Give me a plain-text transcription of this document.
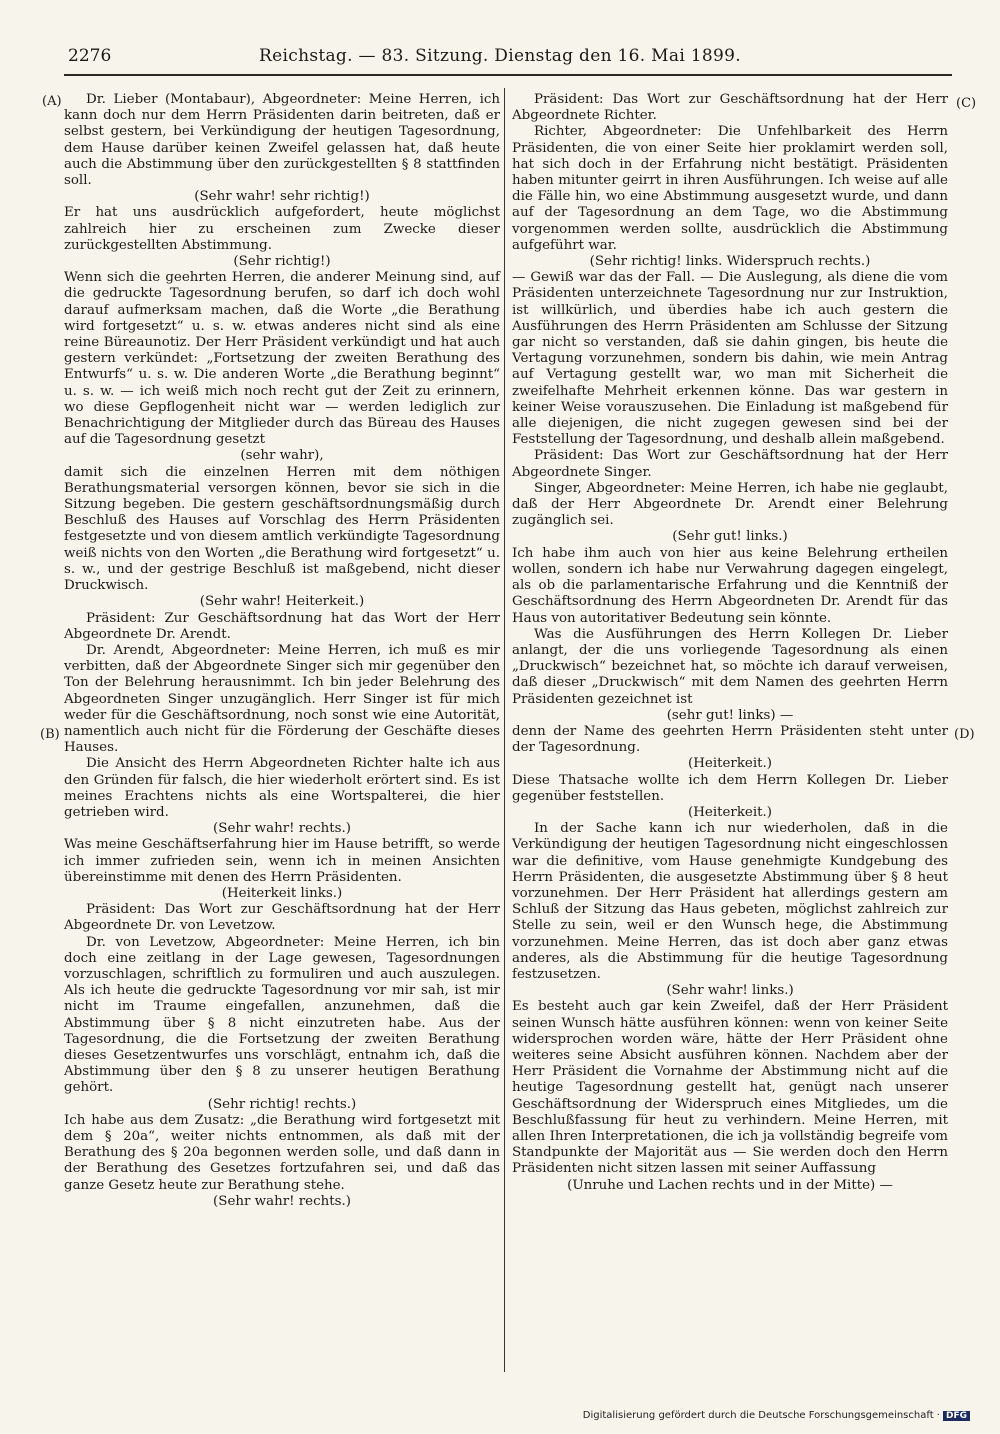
2276	Reichstag. — 83. Sitzung. Dienstag den 16. Mai 1899.
(A)
(B)
(C)
(D)

Dr. Lieber (Montabaur), Abgeordneter: Meine Herren, ich kann doch nur dem Herrn Präsidenten darin beitreten, daß er selbst gestern, bei Verkündigung der heutigen Tagesordnung, dem Hause darüber keinen Zweifel gelassen hat, daß heute auch die Abstimmung über den zurückgestellten § 8 stattfinden soll.

(Sehr wahr! sehr richtig!)

Er hat uns ausdrücklich aufgefordert, heute möglichst zahlreich hier zu erscheinen zum Zwecke dieser zurückgestellten Abstimmung.

(Sehr richtig!)

Wenn sich die geehrten Herren, die anderer Meinung sind, auf die gedruckte Tagesordnung berufen, so darf ich doch wohl darauf aufmerksam machen, daß die Worte „die Berathung wird fortgesetzt“ u. s. w. etwas anderes nicht sind als eine reine Büreaunotiz. Der Herr Präsident verkündigt und hat auch gestern verkündet: „Fortsetzung der zweiten Berathung des Entwurfs“ u. s. w. Die anderen Worte „die Berathung beginnt“ u. s. w. — ich weiß mich noch recht gut der Zeit zu erinnern, wo diese Gepflogenheit nicht war — werden lediglich zur Benachrichtigung der Mitglieder durch das Büreau des Hauses auf die Tagesordnung gesetzt

(sehr wahr),

damit sich die einzelnen Herren mit dem nöthigen Berathungsmaterial versorgen können, bevor sie sich in die Sitzung begeben. Die gestern geschäftsordnungsmäßig durch Beschluß des Hauses auf Vorschlag des Herrn Präsidenten festgesetzte und von diesem amtlich verkündigte Tagesordnung weiß nichts von den Worten „die Berathung wird fortgesetzt“ u. s. w., und der gestrige Beschluß ist maßgebend, nicht dieser Druckwisch.

(Sehr wahr! Heiterkeit.)

Präsident: Zur Geschäftsordnung hat das Wort der Herr Abgeordnete Dr. Arendt.

Dr. Arendt, Abgeordneter: Meine Herren, ich muß es mir verbitten, daß der Abgeordnete Singer sich mir gegenüber den Ton der Belehrung herausnimmt. Ich bin jeder Belehrung des Abgeordneten Singer unzugänglich. Herr Singer ist für mich weder für die Geschäftsordnung, noch sonst wie eine Autorität, namentlich auch nicht für die Förderung der Geschäfte dieses Hauses.

Die Ansicht des Herrn Abgeordneten Richter halte ich aus den Gründen für falsch, die hier wiederholt erörtert sind. Es ist meines Erachtens nichts als eine Wortspalterei, die hier getrieben wird.

(Sehr wahr! rechts.)

Was meine Geschäftserfahrung hier im Hause betrifft, so werde ich immer zufrieden sein, wenn ich in meinen Ansichten übereinstimme mit denen des Herrn Präsidenten.

(Heiterkeit links.)

Präsident: Das Wort zur Geschäftsordnung hat der Herr Abgeordnete Dr. von Levetzow.

Dr. von Levetzow, Abgeordneter: Meine Herren, ich bin doch eine zeitlang in der Lage gewesen, Tagesordnungen vorzuschlagen, schriftlich zu formuliren und auch auszulegen. Als ich heute die gedruckte Tagesordnung vor mir sah, ist mir nicht im Traume eingefallen, anzunehmen, daß die Abstimmung über § 8 nicht einzutreten habe. Aus der Tagesordnung, die die Fortsetzung der zweiten Berathung dieses Gesetzentwurfes uns vorschlägt, entnahm ich, daß die Abstimmung über den § 8 zu unserer heutigen Berathung gehört.

(Sehr richtig! rechts.)

Ich habe aus dem Zusatz: „die Berathung wird fortgesetzt mit dem § 20a“, weiter nichts entnommen, als daß mit der Berathung des § 20a begonnen werden solle, und daß dann in der Berathung des Gesetzes fortzufahren sei, und daß das ganze Gesetz heute zur Berathung stehe.

(Sehr wahr! rechts.)

Präsident: Das Wort zur Geschäftsordnung hat der Herr Abgeordnete Richter.

Richter, Abgeordneter: Die Unfehlbarkeit des Herrn Präsidenten, die von einer Seite hier proklamirt werden soll, hat sich doch in der Erfahrung nicht bestätigt. Präsidenten haben mitunter geirrt in ihren Ausführungen. Ich weise auf alle die Fälle hin, wo eine Abstimmung ausgesetzt wurde, und dann auf der Tagesordnung an dem Tage, wo die Abstimmung vorgenommen werden sollte, ausdrücklich die Abstimmung aufgeführt war.

(Sehr richtig! links. Widerspruch rechts.)

— Gewiß war das der Fall. — Die Auslegung, als diene die vom Präsidenten unterzeichnete Tagesordnung nur zur Instruktion, ist willkürlich, und überdies habe ich auch gestern die Ausführungen des Herrn Präsidenten am Schlusse der Sitzung gar nicht so verstanden, daß sie dahin gingen, bis heute die Vertagung vorzunehmen, sondern bis dahin, wie mein Antrag auf Vertagung gestellt war, wo man mit Sicherheit die zweifelhafte Mehrheit erkennen könne. Das war gestern in keiner Weise vorauszusehen. Die Einladung ist maßgebend für alle diejenigen, die nicht zugegen gewesen sind bei der Feststellung der Tagesordnung, und deshalb allein maßgebend.

Präsident: Das Wort zur Geschäftsordnung hat der Herr Abgeordnete Singer.

Singer, Abgeordneter: Meine Herren, ich habe nie geglaubt, daß der Herr Abgeordnete Dr. Arendt einer Belehrung zugänglich sei.

(Sehr gut! links.)

Ich habe ihm auch von hier aus keine Belehrung ertheilen wollen, sondern ich habe nur Verwahrung dagegen eingelegt, als ob die parlamentarische Erfahrung und die Kenntniß der Geschäftsordnung des Herrn Abgeordneten Dr. Arendt für das Haus von autoritativer Bedeutung sein könnte.

Was die Ausführungen des Herrn Kollegen Dr. Lieber anlangt, der die uns vorliegende Tagesordnung als einen „Druckwisch“ bezeichnet hat, so möchte ich darauf verweisen, daß dieser „Druckwisch“ mit dem Namen des geehrten Herrn Präsidenten gezeichnet ist

(sehr gut! links) —

denn der Name des geehrten Herrn Präsidenten steht unter der Tagesordnung.

(Heiterkeit.)

Diese Thatsache wollte ich dem Herrn Kollegen Dr. Lieber gegenüber feststellen.

(Heiterkeit.)

In der Sache kann ich nur wiederholen, daß in die Verkündigung der heutigen Tagesordnung nicht eingeschlossen war die definitive, vom Hause genehmigte Kundgebung des Herrn Präsidenten, die ausgesetzte Abstimmung über § 8 heut vorzunehmen. Der Herr Präsident hat allerdings gestern am Schluß der Sitzung das Haus gebeten, möglichst zahlreich zur Stelle zu sein, weil er den Wunsch hege, die Abstimmung vorzunehmen. Meine Herren, das ist doch aber ganz etwas anderes, als die Abstimmung für die heutige Tagesordnung festzusetzen.

(Sehr wahr! links.)

Es besteht auch gar kein Zweifel, daß der Herr Präsident seinen Wunsch hätte ausführen können: wenn von keiner Seite widersprochen worden wäre, hätte der Herr Präsident ohne weiteres seine Absicht ausführen können. Nachdem aber der Herr Präsident die Vornahme der Abstimmung nicht auf die heutige Tagesordnung gestellt hat, genügt nach unserer Geschäftsordnung der Widerspruch eines Mitgliedes, um die Beschlußfassung für heut zu verhindern. Meine Herren, mit allen Ihren Interpretationen, die ich ja vollständig begreife vom Standpunkte der Majorität aus — Sie werden doch den Herrn Präsidenten nicht sitzen lassen mit seiner Auffassung

(Unruhe und Lachen rechts und in der Mitte) —

Digitalisierung gefördert durch die Deutsche Forschungsgemeinschaft · DFG
